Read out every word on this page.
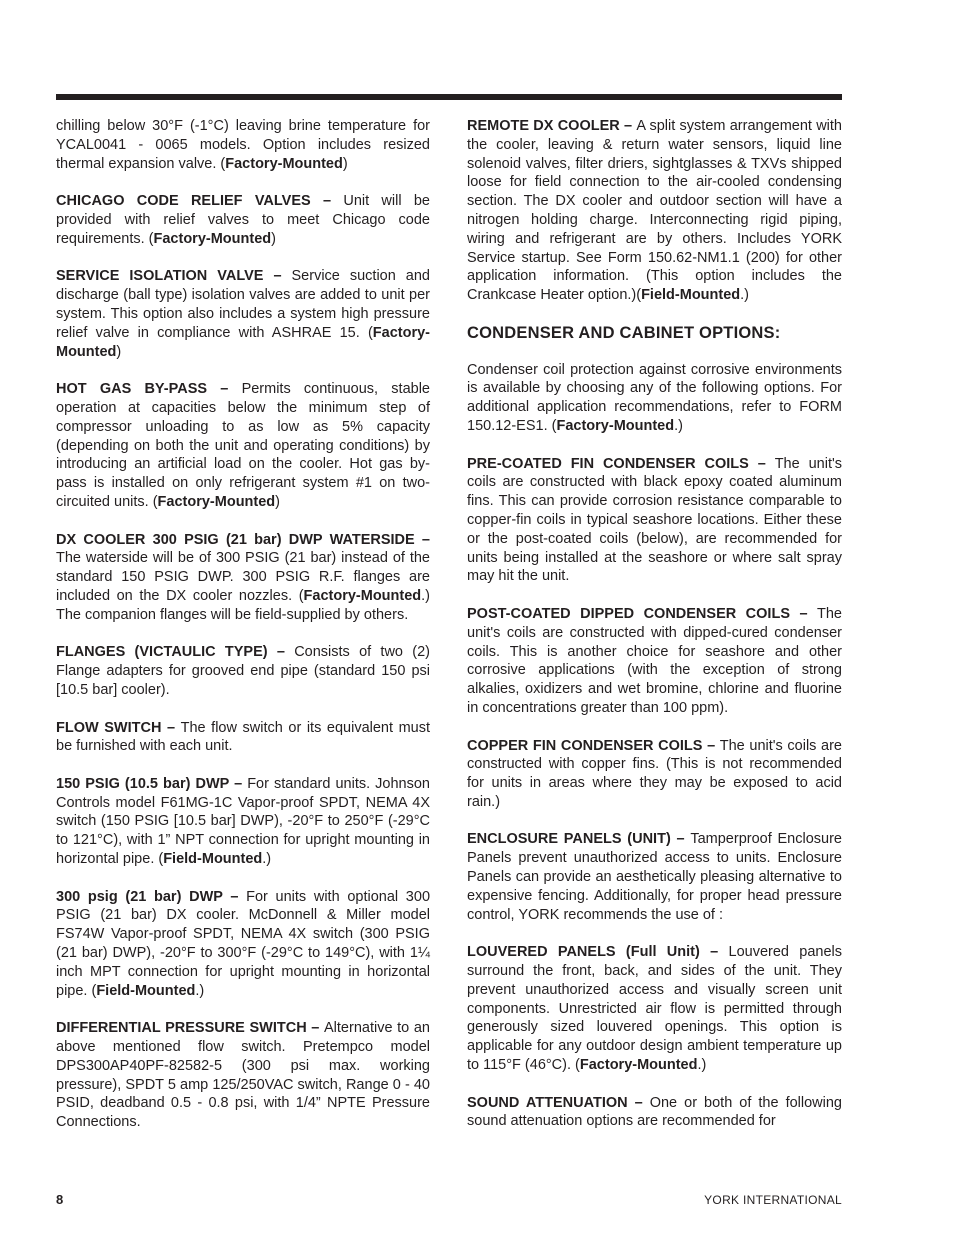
chilling below 30°F (-1°C) leaving brine temperature for YCAL0041 - 0065 models. Option includes resized thermal expansion valve. (Factory-Mounted)

CHICAGO CODE RELIEF VALVES – Unit will be provided with relief valves to meet Chicago code requirements. (Factory-Mounted)

SERVICE ISOLATION VALVE – Service suction and discharge (ball type) isolation valves are added to unit per system. This option also includes a system high pressure relief valve in compliance with ASHRAE 15. (Factory-Mounted)

HOT GAS BY-PASS – Permits continuous, stable operation at capacities below the minimum step of compressor unloading to as low as 5% capacity (depending on both the unit and operating conditions) by introducing an artificial load on the cooler. Hot gas by-pass is installed on only refrigerant system #1 on two-circuited units. (Factory-Mounted)

DX COOLER 300 PSIG (21 bar) DWP WATERSIDE – The waterside will be of 300 PSIG (21 bar) instead of the standard 150 PSIG DWP. 300 PSIG R.F. flanges are included on the DX cooler nozzles. (Factory-Mounted.) The companion flanges will be field-supplied by others.

FLANGES (VICTAULIC TYPE) – Consists of two (2) Flange adapters for grooved end pipe (standard 150 psi [10.5 bar] cooler).

FLOW SWITCH – The flow switch or its equivalent must be furnished with each unit.

150 PSIG (10.5 bar) DWP – For standard units. Johnson Controls model F61MG-1C Vapor-proof SPDT, NEMA 4X switch (150 PSIG [10.5 bar] DWP), -20°F to 250°F (-29°C to 121°C), with 1” NPT connection for upright mounting in horizontal pipe. (Field-Mounted.)

300 psig (21 bar) DWP – For units with optional 300 PSIG (21 bar) DX cooler. McDonnell & Miller model FS74W Vapor-proof SPDT, NEMA 4X switch (300 PSIG (21 bar) DWP), -20°F to 300°F (-29°C to 149°C), with 1¼ inch MPT connection for upright mounting in horizontal pipe. (Field-Mounted.)

DIFFERENTIAL PRESSURE SWITCH – Alternative to an above mentioned flow switch. Pretempco model DPS300AP40PF-82582-5 (300 psi max. working pressure), SPDT 5 amp 125/250VAC switch, Range 0 - 40 PSID, deadband 0.5 - 0.8 psi, with 1/4” NPTE Pressure Connections.

REMOTE DX COOLER – A split system arrangement with the cooler, leaving & return water sensors, liquid line solenoid valves, filter driers, sightglasses & TXVs shipped loose for field connection to the air-cooled condensing section. The DX cooler and outdoor section will have a nitrogen holding charge. Interconnecting rigid piping, wiring and refrigerant are by others. Includes YORK Service startup. See Form 150.62-NM1.1 (200) for other application information. (This option includes the Crankcase Heater option.)(Field-Mounted.)

CONDENSER AND CABINET OPTIONS:

Condenser coil protection against corrosive environments is available by choosing any of the following options. For additional application recommendations, refer to FORM 150.12-ES1. (Factory-Mounted.)

PRE-COATED FIN CONDENSER COILS – The unit's coils are constructed with black epoxy coated aluminum fins. This can provide corrosion resistance comparable to copper-fin coils in typical seashore locations. Either these or the post-coated coils (below), are recommended for units being installed at the seashore or where salt spray may hit the unit.

POST-COATED DIPPED CONDENSER COILS – The unit's coils are constructed with dipped-cured condenser coils. This is another choice for seashore and other corrosive applications (with the exception of strong alkalies, oxidizers and wet bromine, chlorine and fluorine in concentrations greater than 100 ppm).

COPPER FIN CONDENSER COILS – The unit's coils are constructed with copper fins. (This is not recommended for units in areas where they may be exposed to acid rain.)

ENCLOSURE PANELS (UNIT) – Tamperproof Enclosure Panels prevent unauthorized access to units. Enclosure Panels can provide an aesthetically pleasing alternative to expensive fencing. Additionally, for proper head pressure control, YORK recommends the use of :

LOUVERED PANELS (Full Unit) – Louvered panels surround the front, back, and sides of the unit. They prevent unauthorized access and visually screen unit components. Unrestricted air flow is permitted through generously sized louvered openings. This option is applicable for any outdoor design ambient temperature up to 115°F (46°C). (Factory-Mounted.)

SOUND ATTENUATION – One or both of the following sound attenuation options are recommended for

8	YORK INTERNATIONAL
